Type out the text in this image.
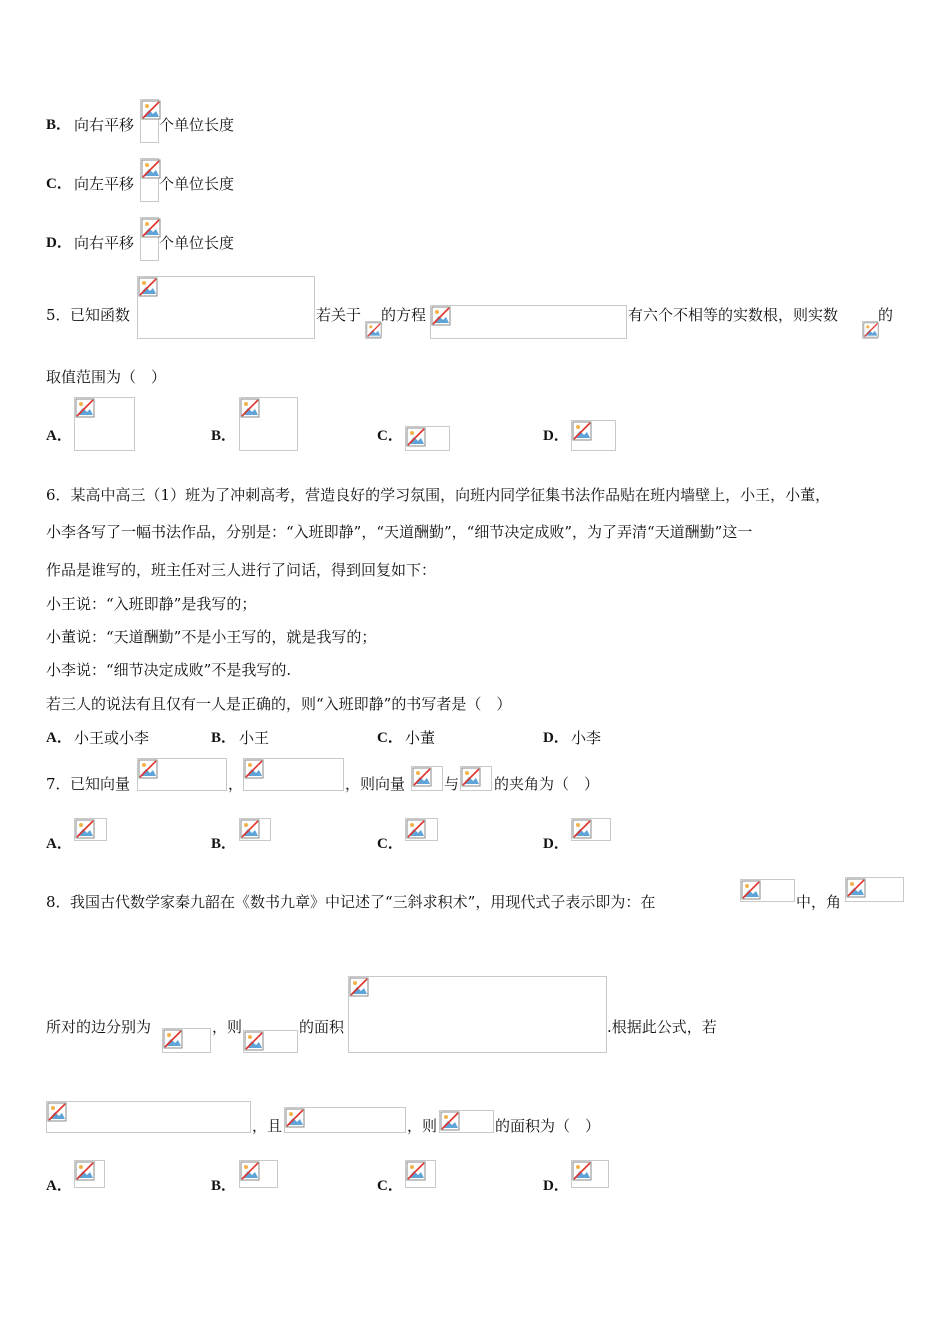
B． 向右平移 个单位长度
C． 向左平移 个单位长度
D． 向右平移 个单位长度
5． 已知函数	若关于 的方程	有六个不相等的实数根，则实数	的
取值范围为（　）
A．	B．	C．	D．
6．某高中高三（1）班为了冲刺高考，营造良好的学习氛围，向班内同学征集书法作品贴在班内墙壁上，小王，小董，
小李各写了一幅书法作品，分别是：“入班即静”，“天道酬勤”，“细节决定成败”，为了弄清“天道酬勤”这一
作品是谁写的，班主任对三人进行了问话，得到回复如下：
小王说：“入班即静”是我写的；
小董说：“天道酬勤”不是小王写的，就是我写的；
小李说：“细节决定成败”不是我写的.
若三人的说法有且仅有一人是正确的，则“入班即静”的书写者是（　）
A． 小王或小李	B． 小王	C． 小董	D． 小李
7． 已知向量	，	，则向量	与 的夹角为（　）
A．	B．	C．	D．
8． 我国古代数学家秦九韶在《数书九章》中记述了“三斜求积术”，用现代式子表示即为：在	中，角
所对的边分别为	，则	的面积	.根据此公式，若
，且	，则	的面积为（　）
A．	B．	C．	D．
